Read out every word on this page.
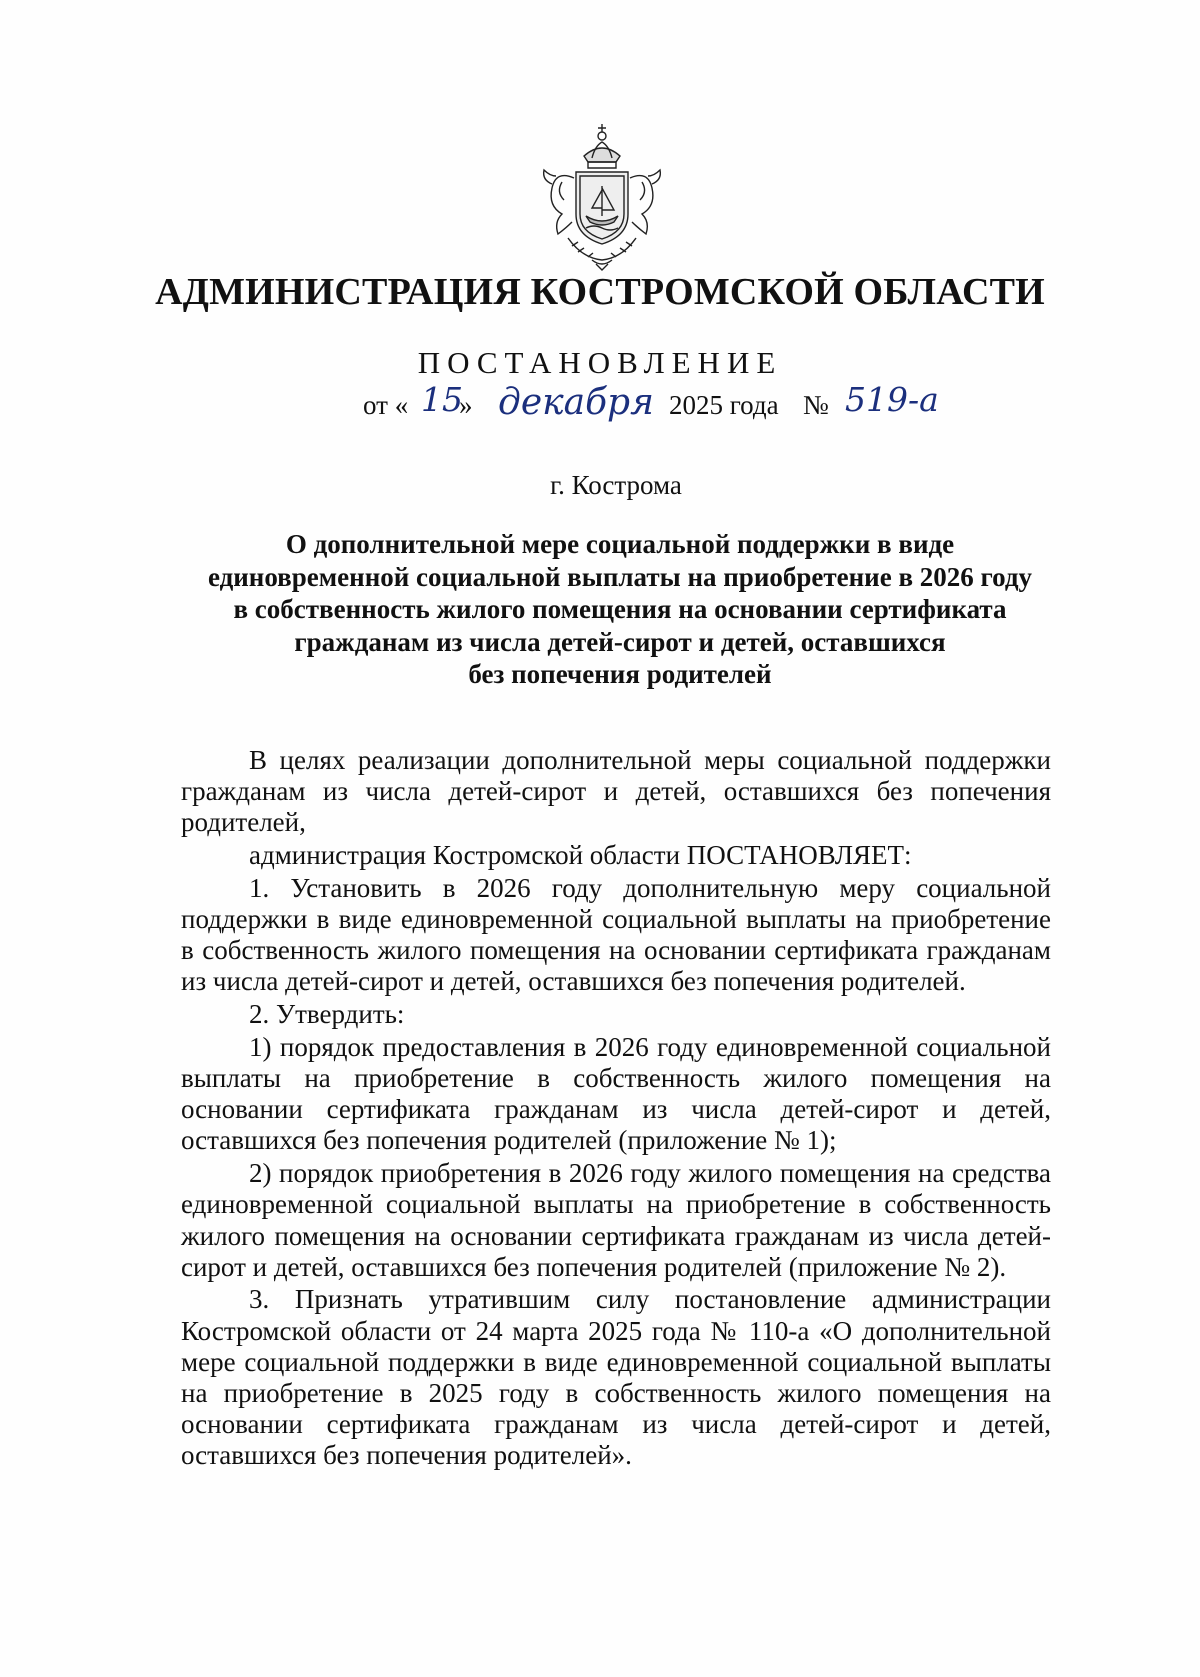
АДМИНИСТРАЦИЯ КОСТРОМСКОЙ ОБЛАСТИ
ПОСТАНОВЛЕНИЕ
от « 15
» декабря 2025 года № 519-а
г. Кострома
О дополнительной мере социальной поддержки в виде
единовременной социальной выплаты на приобретение в 2026 году
в собственность жилого помещения на основании сертификата
гражданам из числа детей-сирот и детей, оставшихся
без попечения родителей

В целях реализации дополнительной меры социальной поддержки гражданам из числа детей-сирот и детей, оставшихся без попечения родителей,

администрация Костромской области ПОСТАНОВЛЯЕТ:

1. Установить в 2026 году дополнительную меру социальной поддержки в виде единовременной социальной выплаты на приобретение в собственность жилого помещения на основании сертификата гражданам из числа детей-сирот и детей, оставшихся без попечения родителей.

2. Утвердить:

1) порядок предоставления в 2026 году единовременной социальной выплаты на приобретение в собственность жилого помещения на основании сертификата гражданам из числа детей-сирот и детей, оставшихся без попечения родителей (приложение № 1);

2) порядок приобретения в 2026 году жилого помещения на средства единовременной социальной выплаты на приобретение в собственность жилого помещения на основании сертификата гражданам из числа детей-сирот и детей, оставшихся без попечения родителей (приложение № 2).

3. Признать утратившим силу постановление администрации Костромской области от 24 марта 2025 года № 110-а «О дополнительной мере социальной поддержки в виде единовременной социальной выплаты на приобретение в 2025 году в собственность жилого помещения на основании сертификата гражданам из числа детей-сирот и детей, оставшихся без попечения родителей».
